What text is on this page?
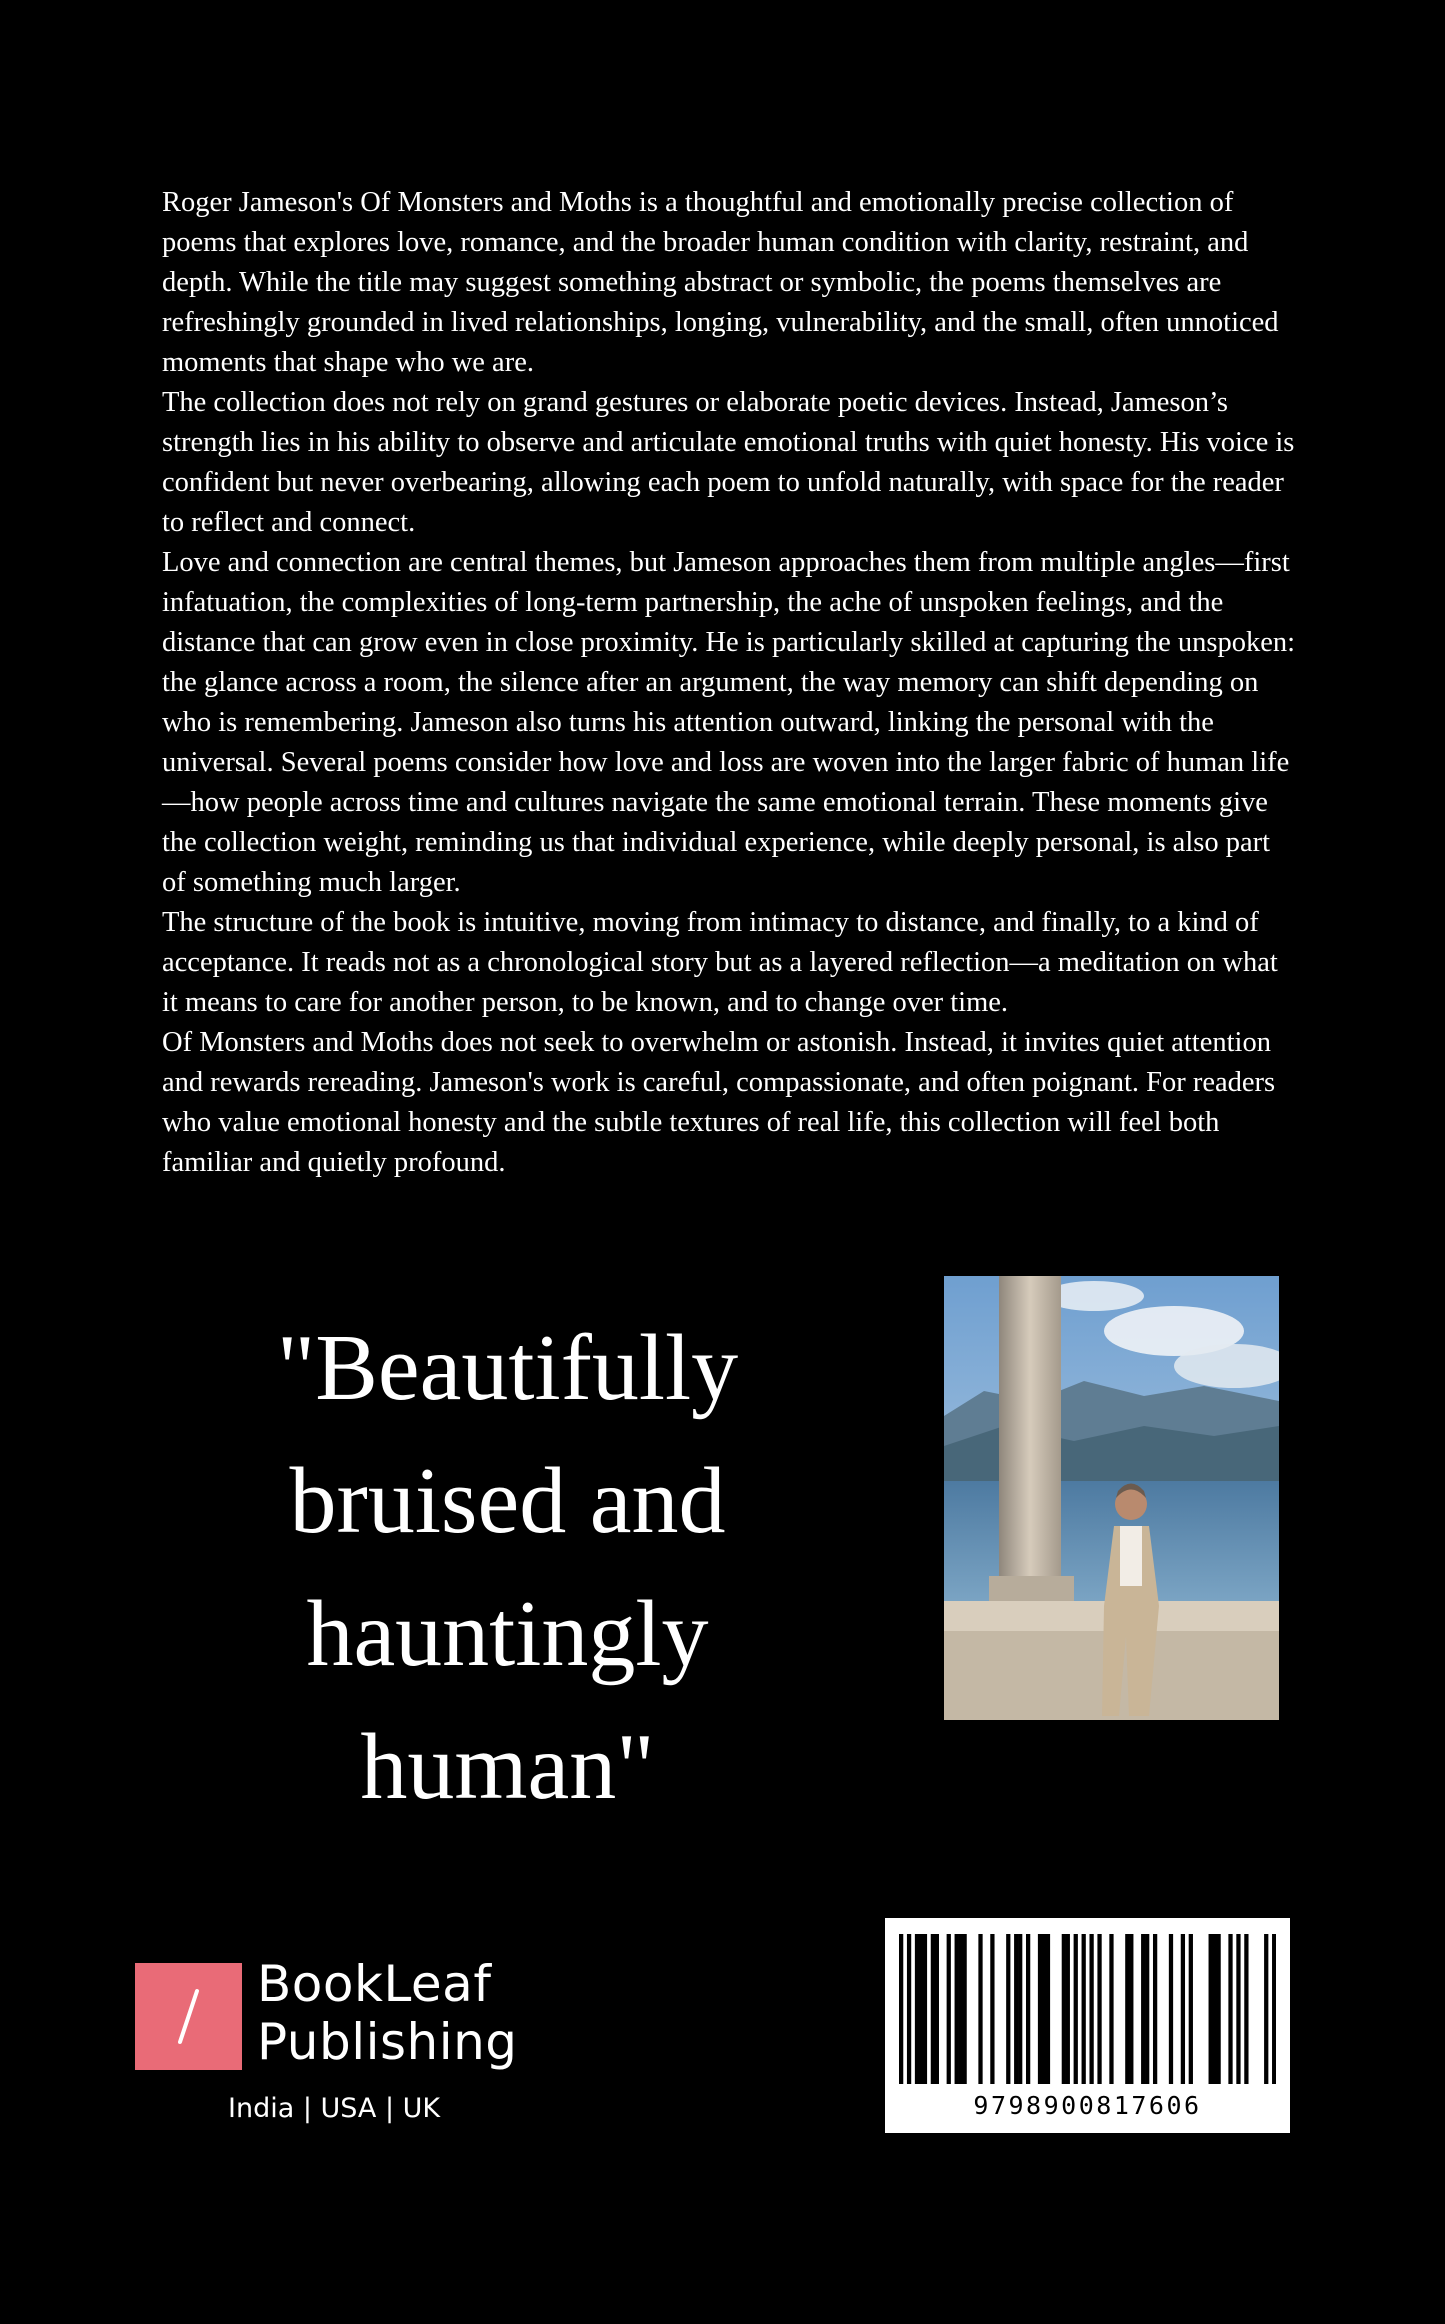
Roger Jameson's Of Monsters and Moths is a thoughtful and emotionally precise collection of poems that explores love, romance, and the broader human condition with clarity, restraint, and depth. While the title may suggest something abstract or symbolic, the poems themselves are refreshingly grounded in lived relationships, longing, vulnerability, and the small, often unnoticed moments that shape who we are.

The collection does not rely on grand gestures or elaborate poetic devices. Instead, Jameson’s strength lies in his ability to observe and articulate emotional truths with quiet honesty. His voice is confident but never overbearing, allowing each poem to unfold naturally, with space for the reader to reflect and connect.

Love and connection are central themes, but Jameson approaches them from multiple angles—first infatuation, the complexities of long-term partnership, the ache of unspoken feelings, and the distance that can grow even in close proximity. He is particularly skilled at capturing the unspoken: the glance across a room, the silence after an argument, the way memory can shift depending on who is remembering. Jameson also turns his attention outward, linking the personal with the universal. Several poems consider how love and loss are woven into the larger fabric of human life—how people across time and cultures navigate the same emotional terrain. These moments give the collection weight, reminding us that individual experience, while deeply personal, is also part of something much larger.

The structure of the book is intuitive, moving from intimacy to distance, and finally, to a kind of acceptance. It reads not as a chronological story but as a layered reflection—a meditation on what it means to care for another person, to be known, and to change over time.

Of Monsters and Moths does not seek to overwhelm or astonish. Instead, it invites quiet attention and rewards rereading. Jameson's work is careful, compassionate, and often poignant. For readers who value emotional honesty and the subtle textures of real life, this collection will feel both familiar and quietly profound.

"Beautifully
bruised and
hauntingly
human"
BookLeaf
Publishing
India | USA | UK	9798900817606
